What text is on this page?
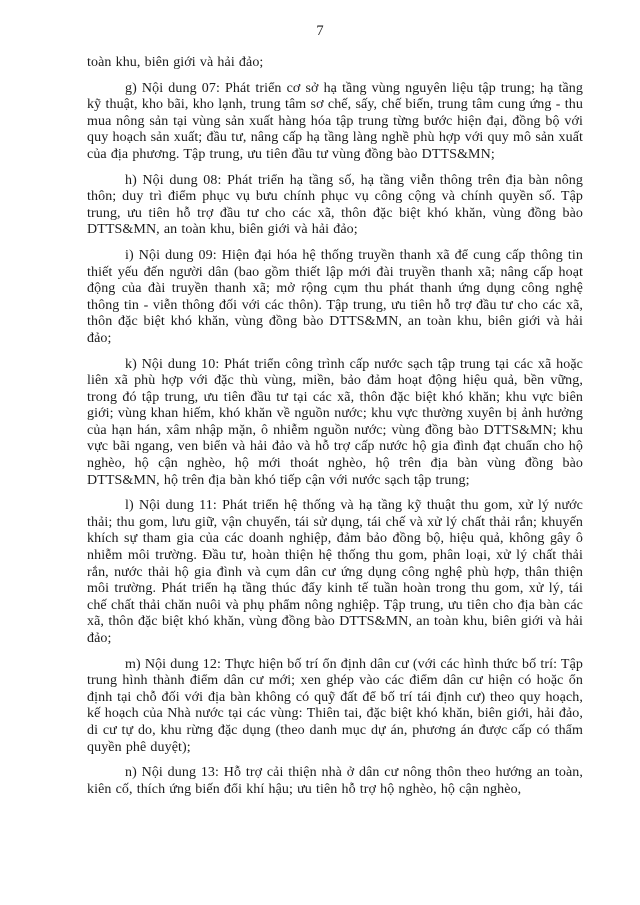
7

toàn khu, biên giới và hải đảo;

g) Nội dung 07: Phát triển cơ sở hạ tầng vùng nguyên liệu tập trung; hạ tầng kỹ thuật, kho bãi, kho lạnh, trung tâm sơ chế, sấy, chế biến, trung tâm cung ứng - thu mua nông sản tại vùng sản xuất hàng hóa tập trung từng bước hiện đại, đồng bộ với quy hoạch sản xuất; đầu tư, nâng cấp hạ tầng làng nghề phù hợp với quy mô sản xuất của địa phương. Tập trung, ưu tiên đầu tư vùng đồng bào DTTS&MN;

h) Nội dung 08: Phát triển hạ tầng số, hạ tầng viễn thông trên địa bàn nông thôn; duy trì điểm phục vụ bưu chính phục vụ công cộng và chính quyền số. Tập trung, ưu tiên hỗ trợ đầu tư cho các xã, thôn đặc biệt khó khăn, vùng đồng bào DTTS&MN, an toàn khu, biên giới và hải đảo;

i) Nội dung 09: Hiện đại hóa hệ thống truyền thanh xã để cung cấp thông tin thiết yếu đến người dân (bao gồm thiết lập mới đài truyền thanh xã; nâng cấp hoạt động của đài truyền thanh xã; mở rộng cụm thu phát thanh ứng dụng công nghệ thông tin - viễn thông đối với các thôn). Tập trung, ưu tiên hỗ trợ đầu tư cho các xã, thôn đặc biệt khó khăn, vùng đồng bào DTTS&MN, an toàn khu, biên giới và hải đảo;

k) Nội dung 10: Phát triển công trình cấp nước sạch tập trung tại các xã hoặc liên xã phù hợp với đặc thù vùng, miền, bảo đảm hoạt động hiệu quả, bền vững, trong đó tập trung, ưu tiên đầu tư tại các xã, thôn đặc biệt khó khăn; khu vực biên giới; vùng khan hiếm, khó khăn về nguồn nước; khu vực thường xuyên bị ảnh hưởng của hạn hán, xâm nhập mặn, ô nhiễm nguồn nước; vùng đồng bào DTTS&MN; khu vực bãi ngang, ven biển và hải đảo và hỗ trợ cấp nước hộ gia đình đạt chuẩn cho hộ nghèo, hộ cận nghèo, hộ mới thoát nghèo, hộ trên địa bàn vùng đồng bào DTTS&MN, hộ trên địa bàn khó tiếp cận với nước sạch tập trung;

l) Nội dung 11: Phát triển hệ thống và hạ tầng kỹ thuật thu gom, xử lý nước thải; thu gom, lưu giữ, vận chuyển, tái sử dụng, tái chế và xử lý chất thải rắn; khuyến khích sự tham gia của các doanh nghiệp, đảm bảo đồng bộ, hiệu quả, không gây ô nhiễm môi trường. Đầu tư, hoàn thiện hệ thống thu gom, phân loại, xử lý chất thải rắn, nước thải hộ gia đình và cụm dân cư ứng dụng công nghệ phù hợp, thân thiện môi trường. Phát triển hạ tầng thúc đẩy kinh tế tuần hoàn trong thu gom, xử lý, tái chế chất thải chăn nuôi và phụ phẩm nông nghiệp. Tập trung, ưu tiên cho địa bàn các xã, thôn đặc biệt khó khăn, vùng đồng bào DTTS&MN, an toàn khu, biên giới và hải đảo;

m) Nội dung 12: Thực hiện bố trí ổn định dân cư (với các hình thức bố trí: Tập trung hình thành điểm dân cư mới; xen ghép vào các điểm dân cư hiện có hoặc ổn định tại chỗ đối với địa bàn không có quỹ đất để bố trí tái định cư) theo quy hoạch, kế hoạch của Nhà nước tại các vùng: Thiên tai, đặc biệt khó khăn, biên giới, hải đảo, di cư tự do, khu rừng đặc dụng (theo danh mục dự án, phương án được cấp có thẩm quyền phê duyệt);

n) Nội dung 13: Hỗ trợ cải thiện nhà ở dân cư nông thôn theo hướng an toàn, kiên cố, thích ứng biến đổi khí hậu; ưu tiên hỗ trợ hộ nghèo, hộ cận nghèo,
